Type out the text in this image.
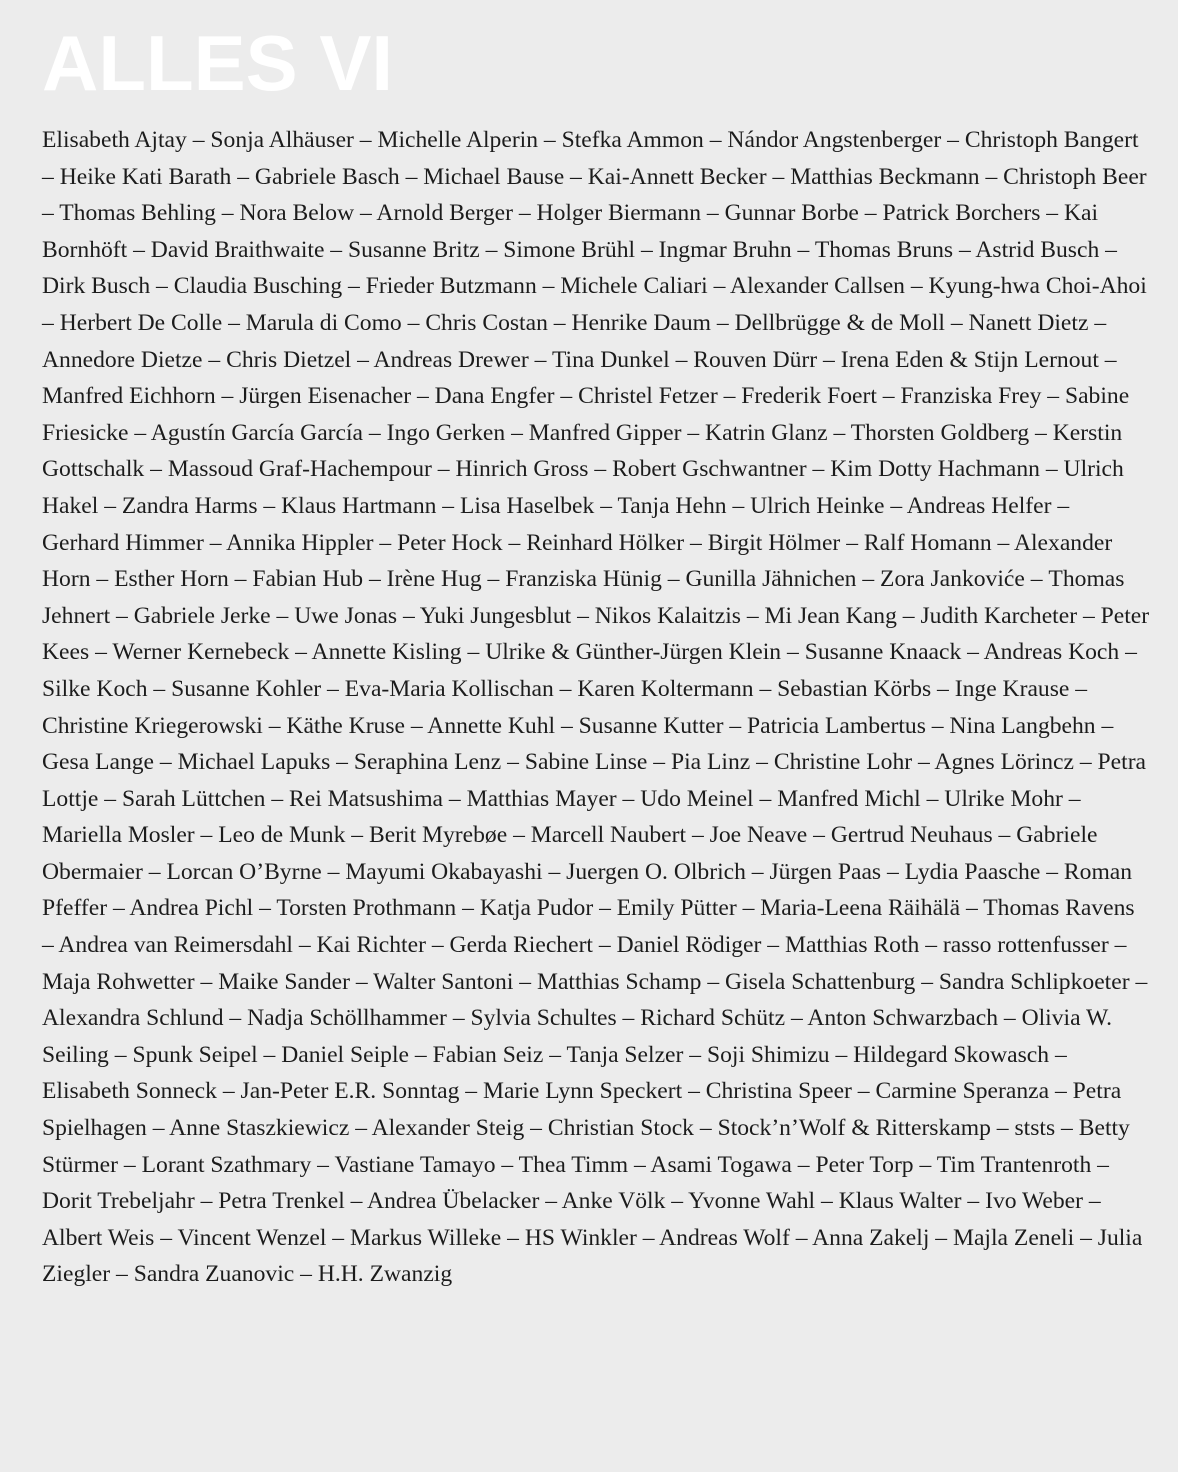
ALLES VI

Elisabeth Ajtay – Sonja Alhäuser – Michelle Alperin – Stefka Ammon – Nándor Angstenberger – Christoph Bangert – Heike Kati Barath – Gabriele Basch – Michael Bause – Kai-Annett Becker – Matthias Beckmann – Christoph Beer – Thomas Behling – Nora Below – Arnold Berger – Holger Biermann – Gunnar Borbe – Patrick Borchers – Kai Bornhöft – David Braithwaite – Susanne Britz – Simone Brühl – Ingmar Bruhn – Thomas Bruns – Astrid Busch – Dirk Busch – Claudia Busching – Frieder Butzmann – Michele Caliari – Alexander Callsen – Kyung-hwa Choi-Ahoi – Herbert De Colle – Marula di Como – Chris Costan – Henrike Daum – Dellbrügge & de Moll – Nanett Dietz – Annedore Dietze – Chris Dietzel – Andreas Drewer – Tina Dunkel – Rouven Dürr – Irena Eden & Stijn Lernout – Manfred Eichhorn – Jürgen Eisenacher – Dana Engfer – Christel Fetzer – Frederik Foert – Franziska Frey – Sabine Friesicke – Agustín García García – Ingo Gerken – Manfred Gipper – Katrin Glanz – Thorsten Goldberg – Kerstin Gottschalk – Massoud Graf-Hachempour – Hinrich Gross – Robert Gschwantner – Kim Dotty Hachmann – Ulrich Hakel – Zandra Harms – Klaus Hartmann – Lisa Haselbek – Tanja Hehn – Ulrich Heinke – Andreas Helfer – Gerhard Himmer – Annika Hippler – Peter Hock – Reinhard Hölker – Birgit Hölmer – Ralf Homann – Alexander Horn – Esther Horn – Fabian Hub – Irène Hug – Franziska Hünig – Gunilla Jähnichen – Zora Jankovićе – Thomas Jehnert – Gabriele Jerke – Uwe Jonas – Yuki Jungesblut – Nikos Kalaitzis – Mi Jean Kang – Judith Karcheter – Peter Kees – Werner Kernebeck – Annette Kisling – Ulrike & Günther-Jürgen Klein – Susanne Knaack – Andreas Koch – Silke Koch – Susanne Kohler – Eva-Maria Kollischan – Karen Koltermann – Sebastian Körbs – Inge Krause – Christine Kriegerowski – Käthe Kruse – Annette Kuhl – Susanne Kutter – Patricia Lambertus – Nina Langbehn – Gesa Lange – Michael Lapuks – Seraphina Lenz – Sabine Linse – Pia Linz – Christine Lohr – Agnes Lörincz – Petra Lottje – Sarah Lüttchen – Rei Matsushima – Matthias Mayer – Udo Meinel – Manfred Michl – Ulrike Mohr – Mariella Mosler – Leo de Munk – Berit Myrebøe – Marcell Naubert – Joe Neave – Gertrud Neuhaus – Gabriele Obermaier – Lorcan O’Byrne – Mayumi Okabayashi – Juergen O. Olbrich – Jürgen Paas – Lydia Paasche – Roman Pfeffer – Andrea Pichl – Torsten Prothmann – Katja Pudor – Emily Pütter – Maria-Leena Räihälä – Thomas Ravens – Andrea van Reimersdahl – Kai Richter – Gerda Riechert – Daniel Rödiger – Matthias Roth – rasso rottenfusser – Maja Rohwetter – Maike Sander – Walter Santoni – Matthias Schamp – Gisela Schattenburg – Sandra Schlipkoeter – Alexandra Schlund – Nadja Schöllhammer – Sylvia Schultes – Richard Schütz – Anton Schwarzbach – Olivia W. Seiling – Spunk Seipel – Daniel Seiple – Fabian Seiz – Tanja Selzer – Soji Shimizu – Hildegard Skowasch – Elisabeth Sonneck – Jan-Peter E.R. Sonntag – Marie Lynn Speckert – Christina Speer – Carmine Speranza – Petra Spielhagen – Anne Staszkiewicz – Alexander Steig – Christian Stock – Stock’n’Wolf & Ritterskamp – ststs – Betty Stürmer – Lorant Szathmary – Vastiane Tamayo – Thea Timm – Asami Togawa – Peter Torp – Tim Trantenroth – Dorit Trebeljahr – Petra Trenkel – Andrea Übelacker – Anke Völk – Yvonne Wahl – Klaus Walter – Ivo Weber – Albert Weis – Vincent Wenzel – Markus Willeke – HS Winkler – Andreas Wolf – Anna Zakelj – Majla Zeneli – Julia Ziegler – Sandra Zuanovic – H.H. Zwanzig
